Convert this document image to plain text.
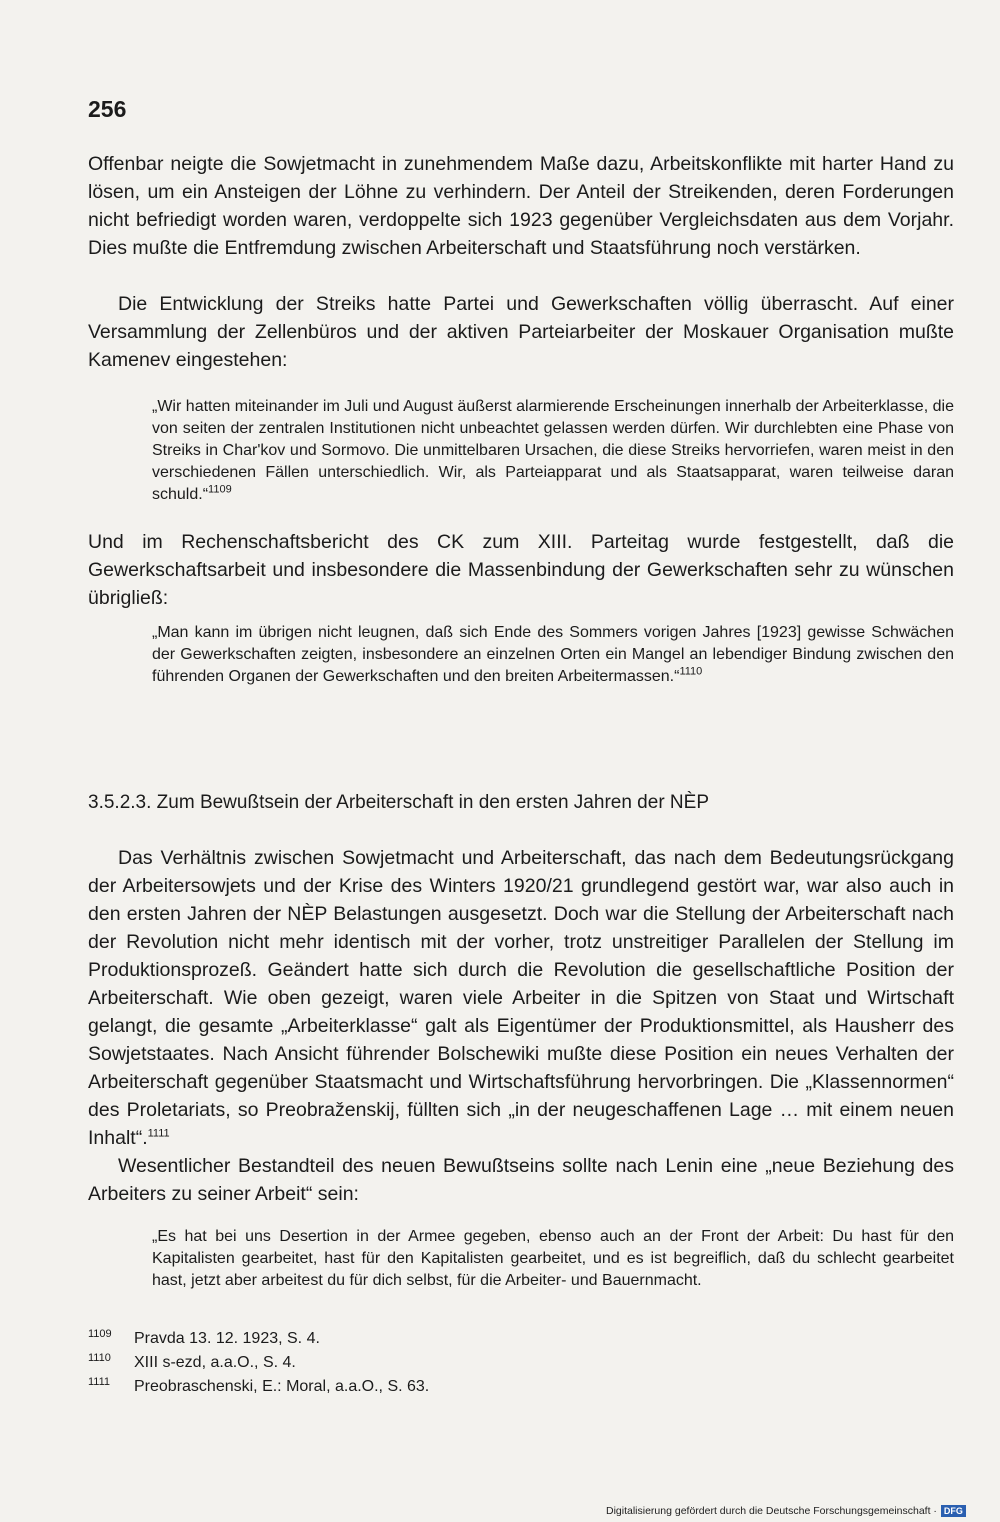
256

Offenbar neigte die Sowjetmacht in zunehmendem Maße dazu, Arbeitskonflikte mit harter Hand zu lösen, um ein Ansteigen der Löhne zu verhindern. Der Anteil der Streikenden, deren Forderungen nicht befriedigt worden waren, verdoppelte sich 1923 gegenüber Vergleichsdaten aus dem Vorjahr. Dies mußte die Entfremdung zwischen Arbeiterschaft und Staatsführung noch verstärken.

Die Entwicklung der Streiks hatte Partei und Gewerkschaften völlig überrascht. Auf einer Versammlung der Zellenbüros und der aktiven Parteiarbeiter der Moskauer Organisation mußte Kamenev eingestehen:

„Wir hatten miteinander im Juli und August äußerst alarmierende Erscheinungen innerhalb der Arbeiterklasse, die von seiten der zentralen Institutionen nicht unbeachtet gelassen werden dürfen. Wir durchlebten eine Phase von Streiks in Char'kov und Sormovo. Die unmittelbaren Ursachen, die diese Streiks hervorriefen, waren meist in den verschiedenen Fällen unterschiedlich. Wir, als Parteiapparat und als Staatsapparat, waren teilweise daran schuld.“$^{1109}$

Und im Rechenschaftsbericht des CK zum XIII. Parteitag wurde festgestellt, daß die Gewerkschaftsarbeit und insbesondere die Massenbindung der Gewerkschaften sehr zu wünschen übrigließ:

„Man kann im übrigen nicht leugnen, daß sich Ende des Sommers vorigen Jahres [1923] gewisse Schwächen der Gewerkschaften zeigten, insbesondere an einzelnen Orten ein Mangel an lebendiger Bindung zwischen den führenden Organen der Gewerkschaften und den breiten Arbeitermassen.“$^{1110}$

3.5.2.3. Zum Bewußtsein der Arbeiterschaft in den ersten Jahren der NÈP

Das Verhältnis zwischen Sowjetmacht und Arbeiterschaft, das nach dem Bedeutungsrückgang der Arbeitersowjets und der Krise des Winters 1920/21 grundlegend gestört war, war also auch in den ersten Jahren der NÈP Belastungen ausgesetzt. Doch war die Stellung der Arbeiterschaft nach der Revolution nicht mehr identisch mit der vorher, trotz unstreitiger Parallelen der Stellung im Produktionsprozeß. Geändert hatte sich durch die Revolution die gesellschaftliche Position der Arbeiterschaft. Wie oben gezeigt, waren viele Arbeiter in die Spitzen von Staat und Wirtschaft gelangt, die gesamte „Arbeiterklasse“ galt als Eigentümer der Produktionsmittel, als Hausherr des Sowjetstaates. Nach Ansicht führender Bolschewiki mußte diese Position ein neues Verhalten der Arbeiterschaft gegenüber Staatsmacht und Wirtschaftsführung hervorbringen. Die „Klassennormen“ des Proletariats, so Preobraženskij, füllten sich „in der neugeschaffenen Lage … mit einem neuen Inhalt“.$^{1111}$

Wesentlicher Bestandteil des neuen Bewußtseins sollte nach Lenin eine „neue Beziehung des Arbeiters zu seiner Arbeit“ sein:

„Es hat bei uns Desertion in der Armee gegeben, ebenso auch an der Front der Arbeit: Du hast für den Kapitalisten gearbeitet, hast für den Kapitalisten gearbeitet, und es ist begreiflich, daß du schlecht gearbeitet hast, jetzt aber arbeitest du für dich selbst, für die Arbeiter- und Bauernmacht.

1109	Pravda 13. 12. 1923, S. 4.
1110	XIII s-ezd, a.a.O., S. 4.
1111	Preobraschenski, E.: Moral, a.a.O., S. 63.
Digitalisierung gefördert durch die Deutsche Forschungsgemeinschaft · DFG
